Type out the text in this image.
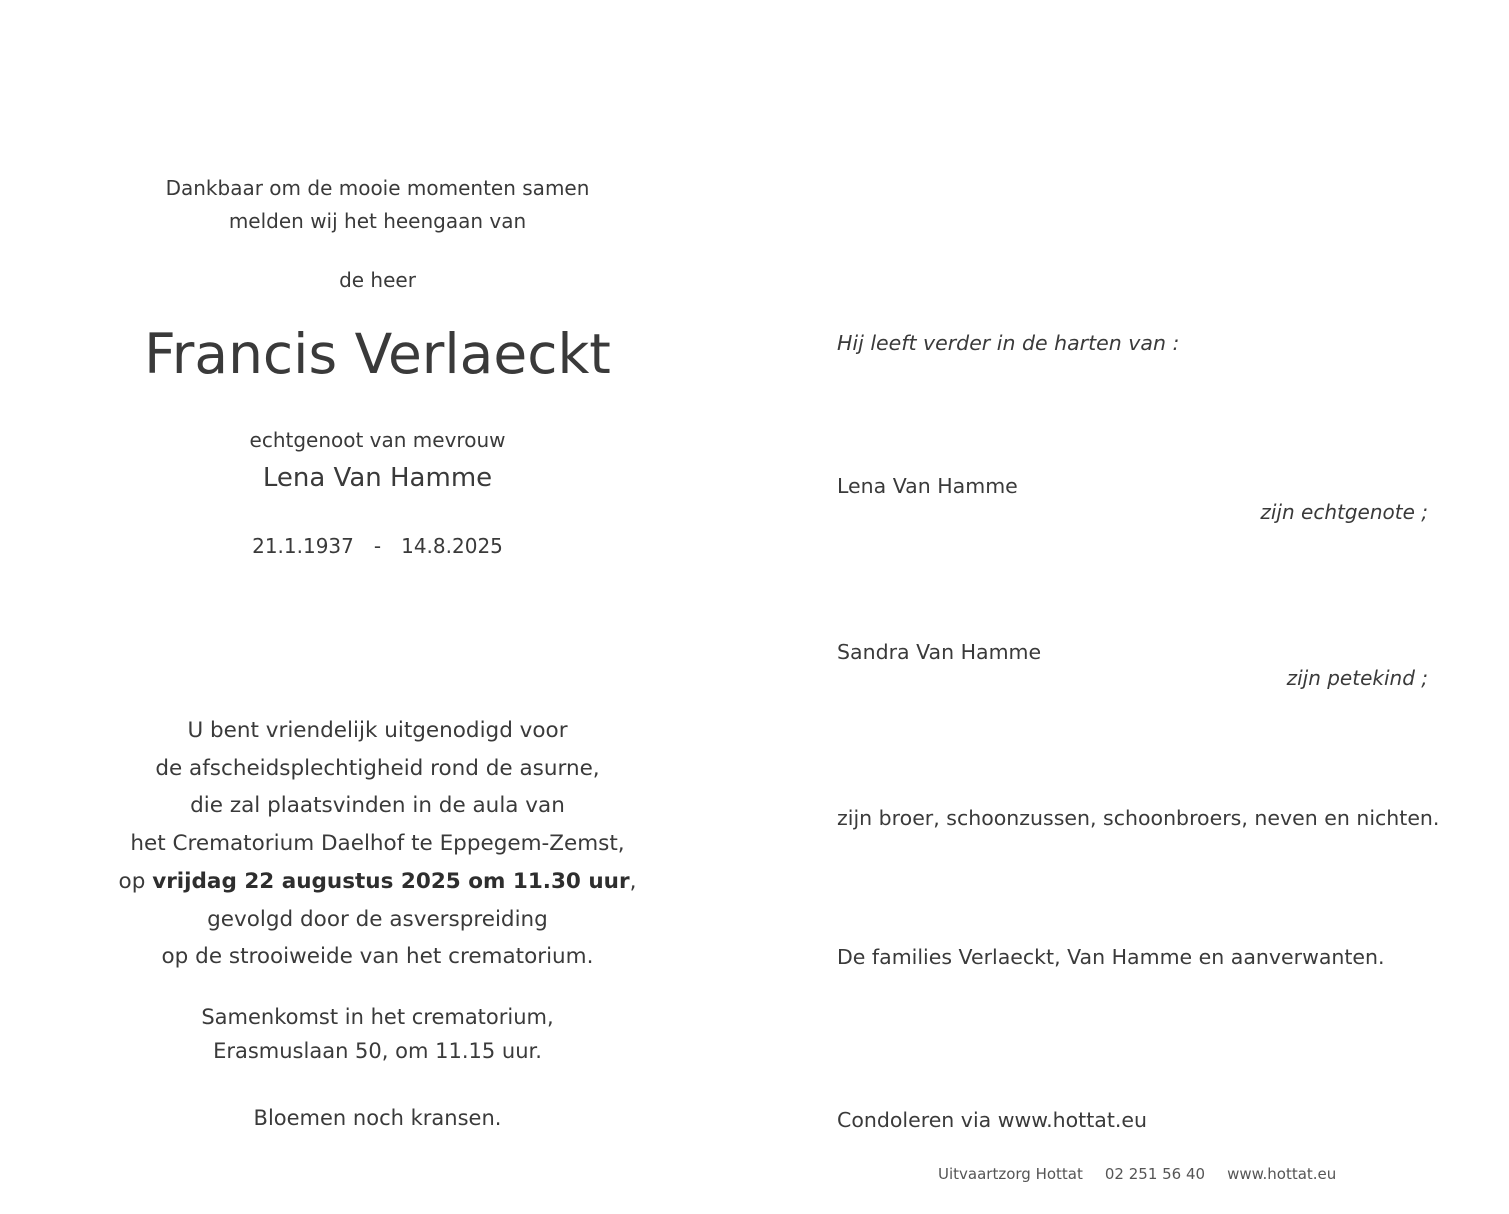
Dankbaar om de mooie momenten samen
melden wij het heengaan van
de heer
Francis Verlaeckt
echtgenoot van mevrouw
Lena Van Hamme
21.1.1937 - 14.8.2025
U bent vriendelijk uitgenodigd voor
de afscheidsplechtigheid rond de asurne,
die zal plaatsvinden in de aula van
het Crematorium Daelhof te Eppegem-Zemst,
op vrijdag 22 augustus 2025 om 11.30 uur,
gevolgd door de asverspreiding
op de strooiweide van het crematorium.
Samenkomst in het crematorium,
Erasmuslaan 50, om 11.15 uur.
Bloemen noch kransen.
Hij leeft verder in de harten van :
Lena Van Hamme
zijn echtgenote ;
Sandra Van Hamme
zijn petekind ;
zijn broer, schoonzussen, schoonbroers, neven en nichten.
De families Verlaeckt, Van Hamme en aanverwanten.
Condoleren via www.hottat.eu
Uitvaartzorg Hottat 02 251 56 40 www.hottat.eu
